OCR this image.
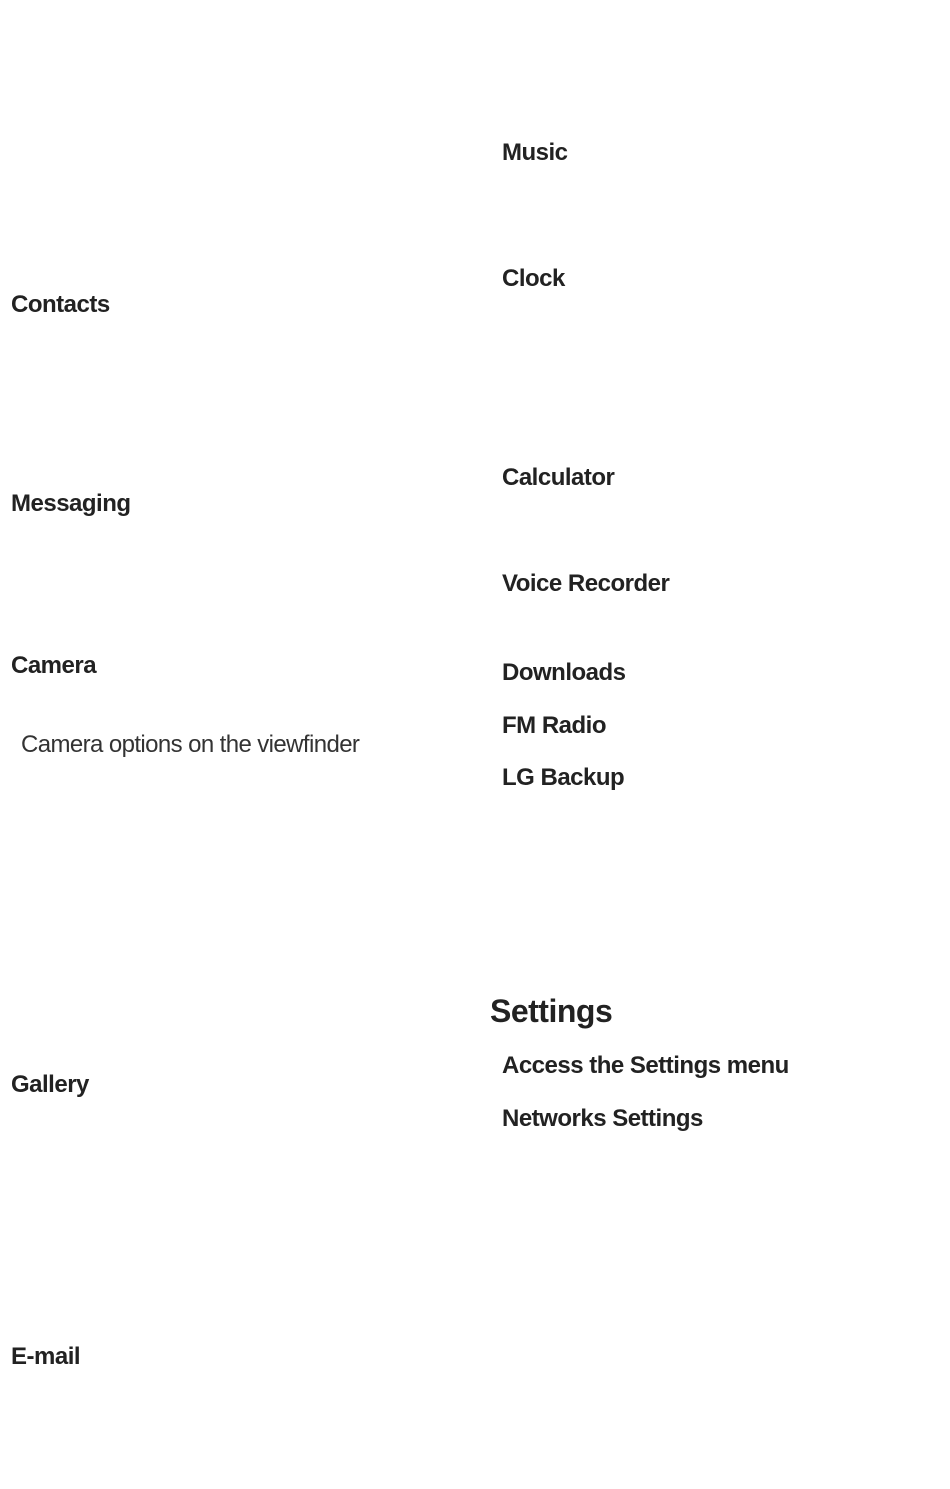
Contacts
Messaging
Camera

Camera options on the viewfinder

Gallery
E-mail
Music
Clock
Calculator
Voice Recorder
Downloads
FM Radio
LG Backup
Settings
Access the Settings menu
Networks Settings
